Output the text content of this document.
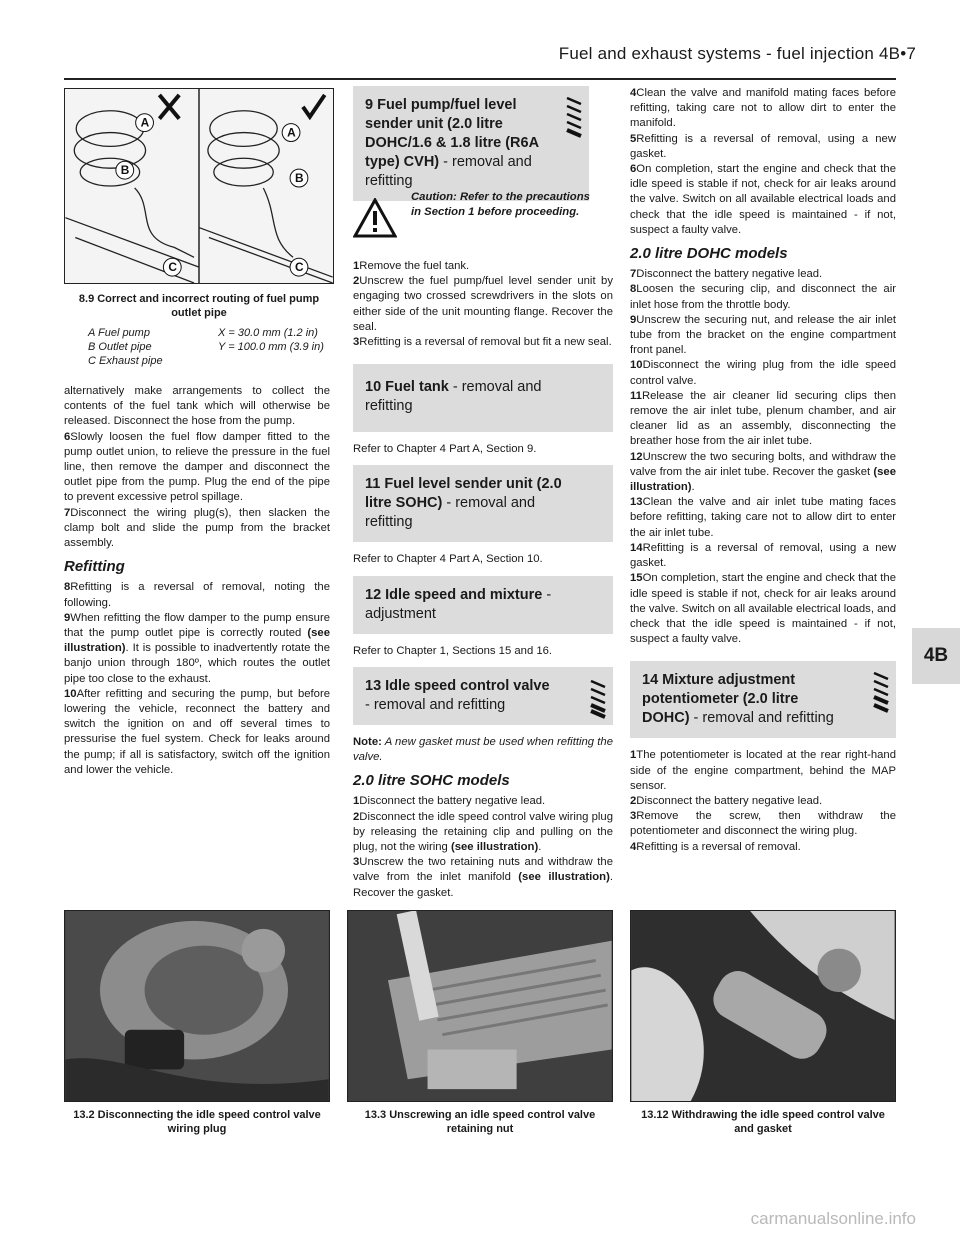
Fuel and exhaust systems - fuel injection 4B•7
4B
A
B
C
A
B
C
8.9 Correct and incorrect routing of fuel pump outlet pipe
A Fuel pump	X = 30.0 mm (1.2 in)
B Outlet pipe	Y = 100.0 mm (3.9 in)
C Exhaust pipe

alternatively make arrangements to collect the contents of the fuel tank which will otherwise be released. Disconnect the hose from the pump.

6Slowly loosen the fuel flow damper fitted to the pump outlet union, to relieve the pressure in the fuel line, then remove the damper and disconnect the outlet pipe from the pump. Plug the end of the pipe to prevent excessive petrol spillage.

7Disconnect the wiring plug(s), then slacken the clamp bolt and slide the pump from the bracket assembly.

Refitting

8Refitting is a reversal of removal, noting the following.

9When refitting the flow damper to the pump ensure that the pump outlet pipe is correctly routed (see illustration). It is possible to inadvertently rotate the banjo union through 180º, which routes the outlet pipe too close to the exhaust.

10After refitting and securing the pump, but before lowering the vehicle, reconnect the battery and switch the ignition on and off several times to pressurise the fuel system. Check for leaks around the pump; if all is satisfactory, switch off the ignition and lower the vehicle.

9 Fuel pump/fuel level sender unit (2.0 litre DOHC/1.6 & 1.8 litre (R6A type) CVH) - removal and refitting
Caution: Refer to the precautions in Section 1 before proceeding.

1Remove the fuel tank.

2Unscrew the fuel pump/fuel level sender unit by engaging two crossed screwdrivers in the slots on either side of the unit mounting flange. Recover the seal.

3Refitting is a reversal of removal but fit a new seal.

10 Fuel tank - removal and refitting

Refer to Chapter 4 Part A, Section 9.

11 Fuel level sender unit (2.0 litre SOHC) - removal and refitting

Refer to Chapter 4 Part A, Section 10.

12 Idle speed and mixture - adjustment

Refer to Chapter 1, Sections 15 and 16.

13 Idle speed control valve - removal and refitting

Note: A new gasket must be used when refitting the valve.

2.0 litre SOHC models

1Disconnect the battery negative lead.

2Disconnect the idle speed control valve wiring plug by releasing the retaining clip and pulling on the plug, not the wiring (see illustration).

3Unscrew the two retaining nuts and withdraw the valve from the inlet manifold (see illustration). Recover the gasket.

4Clean the valve and manifold mating faces before refitting, taking care not to allow dirt to enter the manifold.

5Refitting is a reversal of removal, using a new gasket.

6On completion, start the engine and check that the idle speed is stable if not, check for air leaks around the valve. Switch on all available electrical loads and check that the idle speed is maintained - if not, suspect a faulty valve.

2.0 litre DOHC models

7Disconnect the battery negative lead.

8Loosen the securing clip, and disconnect the air inlet hose from the throttle body.

9Unscrew the securing nut, and release the air inlet tube from the bracket on the engine compartment front panel.

10Disconnect the wiring plug from the idle speed control valve.

11Release the air cleaner lid securing clips then remove the air inlet tube, plenum chamber, and air cleaner lid as an assembly, disconnecting the breather hose from the air inlet tube.

12Unscrew the two securing bolts, and withdraw the valve from the air inlet tube. Recover the gasket (see illustration).

13Clean the valve and air inlet tube mating faces before refitting, taking care not to allow dirt to enter the air inlet tube.

14Refitting is a reversal of removal, using a new gasket.

15On completion, start the engine and check that the idle speed is stable if not, check for air leaks around the valve. Switch on all available electrical loads, and check that the idle speed is maintained - if not, suspect a faulty valve.

14 Mixture adjustment potentiometer (2.0 litre DOHC) - removal and refitting

1The potentiometer is located at the rear right-hand side of the engine compartment, behind the MAP sensor.

2Disconnect the battery negative lead.

3Remove the screw, then withdraw the potentiometer and disconnect the wiring plug.

4Refitting is a reversal of removal.

13.2 Disconnecting the idle speed control valve wiring plug
13.3 Unscrewing an idle speed control valve retaining nut
13.12 Withdrawing the idle speed control valve and gasket
carmanualsonline.info
